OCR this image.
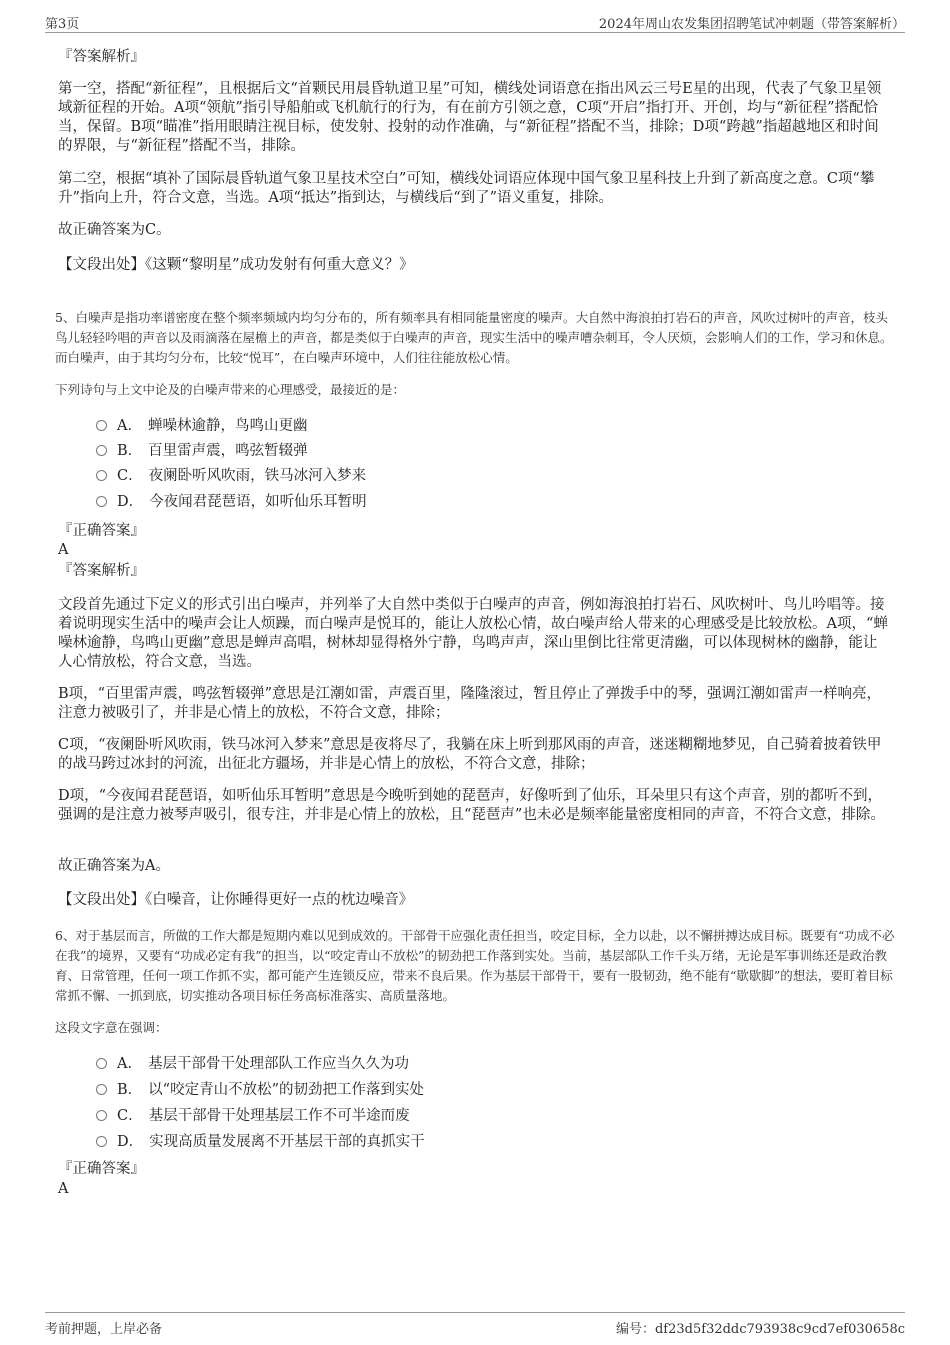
第3页	2024年周山农发集团招聘笔试冲刺题（带答案解析）
『答案解析』
第一空，搭配“新征程”，且根据后文“首颗民用晨昏轨道卫星”可知，横线处词语意在指出风云三号E星的出现，代表了气象卫星领域新征程的开始。A项“领航”指引导船舶或飞机航行的行为，有在前方引领之意，C项“开启”指打开、开创，均与“新征程”搭配恰当，保留。B项“瞄准”指用眼睛注视目标，使发射、投射的动作准确，与“新征程”搭配不当，排除；D项“跨越”指超越地区和时间的界限，与“新征程”搭配不当，排除。
第二空，根据“填补了国际晨昏轨道气象卫星技术空白”可知，横线处词语应体现中国气象卫星科技上升到了新高度之意。C项“攀升”指向上升，符合文意，当选。A项“抵达”指到达，与横线后“到了”语义重复，排除。
故正确答案为C。
【文段出处】《这颗“黎明星”成功发射有何重大意义？》
5、白噪声是指功率谱密度在整个频率频域内均匀分布的，所有频率具有相同能量密度的噪声。大自然中海浪拍打岩石的声音，风吹过树叶的声音，枝头鸟儿轻轻吟唱的声音以及雨滴落在屋檐上的声音，都是类似于白噪声的声音，现实生活中的噪声嘈杂刺耳，令人厌烦，会影响人们的工作，学习和休息。而白噪声，由于其均匀分布，比较“悦耳”，在白噪声环境中，人们往往能放松心情。
下列诗句与上文中论及的白噪声带来的心理感受，最接近的是：
A． 蝉噪林逾静，鸟鸣山更幽
B． 百里雷声震，鸣弦暂辍弹
C． 夜阑卧听风吹雨，铁马冰河入梦来
D． 今夜闻君琵琶语，如听仙乐耳暂明
『正确答案』
A
『答案解析』
文段首先通过下定义的形式引出白噪声，并列举了大自然中类似于白噪声的声音，例如海浪拍打岩石、风吹树叶、鸟儿吟唱等。接着说明现实生活中的噪声会让人烦躁，而白噪声是悦耳的，能让人放松心情，故白噪声给人带来的心理感受是比较放松。A项，“蝉噪林逾静，鸟鸣山更幽”意思是蝉声高唱，树林却显得格外宁静，鸟鸣声声，深山里倒比往常更清幽，可以体现树林的幽静，能让人心情放松，符合文意，当选。
B项，“百里雷声震，鸣弦暂辍弹”意思是江潮如雷，声震百里，隆隆滚过，暂且停止了弹拨手中的琴，强调江潮如雷声一样响亮，注意力被吸引了，并非是心情上的放松，不符合文意，排除；
C项，“夜阑卧听风吹雨，铁马冰河入梦来”意思是夜将尽了，我躺在床上听到那风雨的声音，迷迷糊糊地梦见，自己骑着披着铁甲的战马跨过冰封的河流，出征北方疆场，并非是心情上的放松，不符合文意，排除；
D项，“今夜闻君琵琶语，如听仙乐耳暂明”意思是今晚听到她的琵琶声，好像听到了仙乐，耳朵里只有这个声音，别的都听不到，强调的是注意力被琴声吸引，很专注，并非是心情上的放松，且“琵琶声”也未必是频率能量密度相同的声音，不符合文意，排除。
故正确答案为A。
【文段出处】《白噪音，让你睡得更好一点的枕边噪音》
6、对于基层而言，所做的工作大都是短期内难以见到成效的。干部骨干应强化责任担当，咬定目标，全力以赴，以不懈拼搏达成目标。既要有“功成不必在我”的境界，又要有“功成必定有我”的担当，以“咬定青山不放松”的韧劲把工作落到实处。当前，基层部队工作千头万绪，无论是军事训练还是政治教育、日常管理，任何一项工作抓不实，都可能产生连锁反应，带来不良后果。作为基层干部骨干，要有一股韧劲，绝不能有“歇歇脚”的想法，要盯着目标常抓不懈、一抓到底，切实推动各项目标任务高标准落实、高质量落地。
这段文字意在强调：
A． 基层干部骨干处理部队工作应当久久为功
B． 以“咬定青山不放松”的韧劲把工作落到实处
C． 基层干部骨干处理基层工作不可半途而废
D． 实现高质量发展离不开基层干部的真抓实干
『正确答案』
A
考前押题，上岸必备	编号：df23d5f32ddc793938c9cd7ef030658c
